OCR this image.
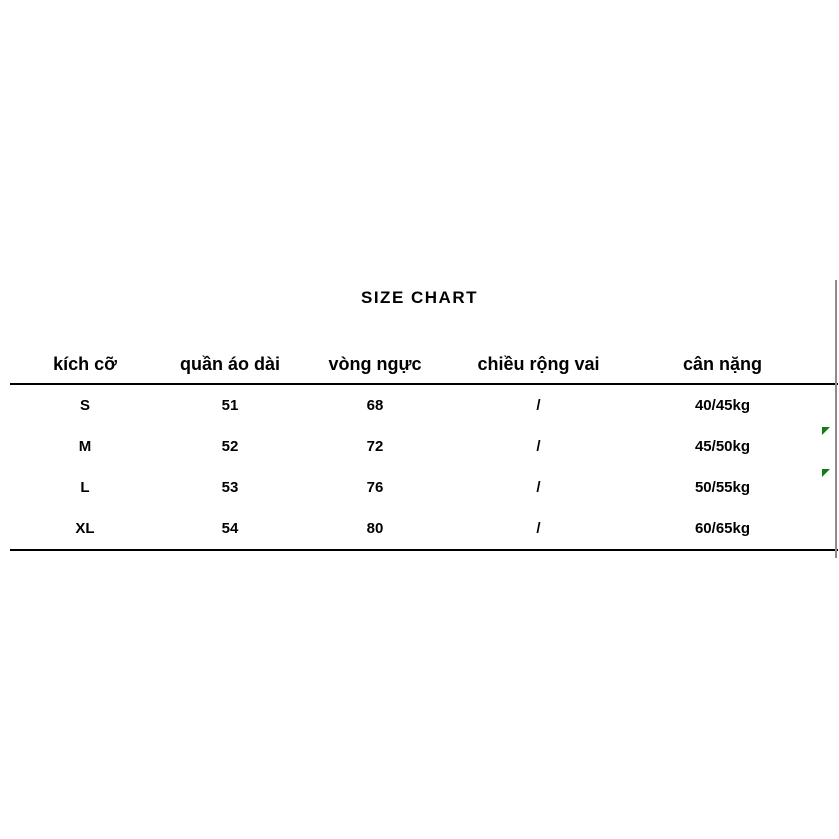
SIZE CHART
kích cỡ	quần áo dài	vòng ngực	chiều rộng vai	cân nặng
S	51	68	/	40/45kg
M	52	72	/	45/50kg
L	53	76	/	50/55kg
XL	54	80	/	60/65kg
